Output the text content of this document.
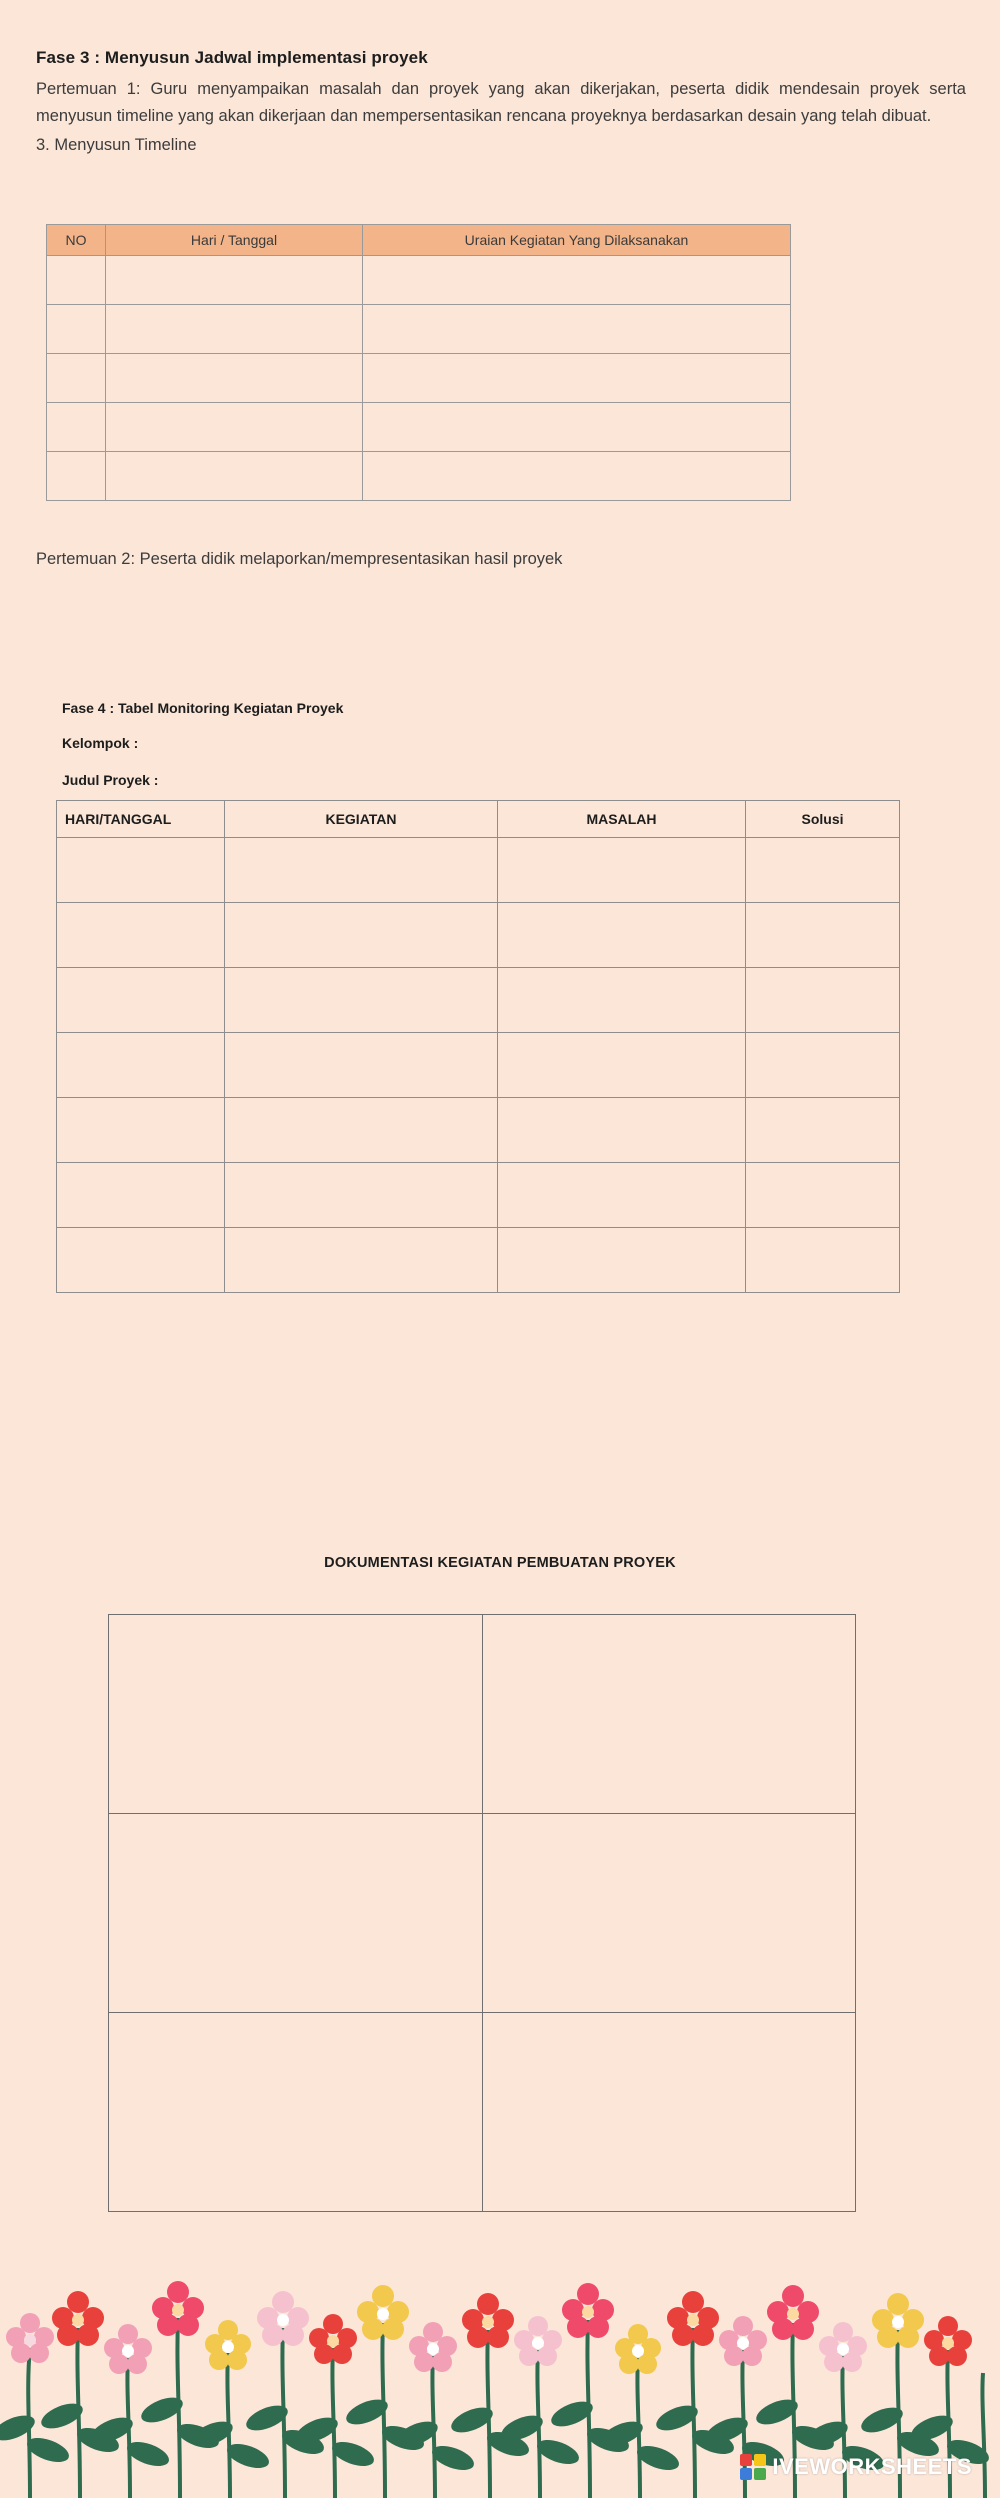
Fase 3 : Menyusun Jadwal implementasi proyek
Pertemuan 1: Guru menyampaikan masalah dan proyek yang akan dikerjakan, peserta didik mendesain proyek serta menyusun timeline yang akan dikerjaan dan mempersentasikan rencana proyeknya berdasarkan desain yang telah dibuat.
3. Menyusun Timeline
NO	Hari / Tanggal	Uraian Kegiatan Yang Dilaksanakan

Pertemuan 2: Peserta didik melaporkan/mempresentasikan hasil proyek
Fase 4 : Tabel Monitoring Kegiatan Proyek
Kelompok :
Judul Proyek :
HARI/TANGGAL	KEGIATAN	MASALAH	Solusi

DOKUMENTASI KEGIATAN PEMBUATAN PROYEK

IVEWORKSHEETS
